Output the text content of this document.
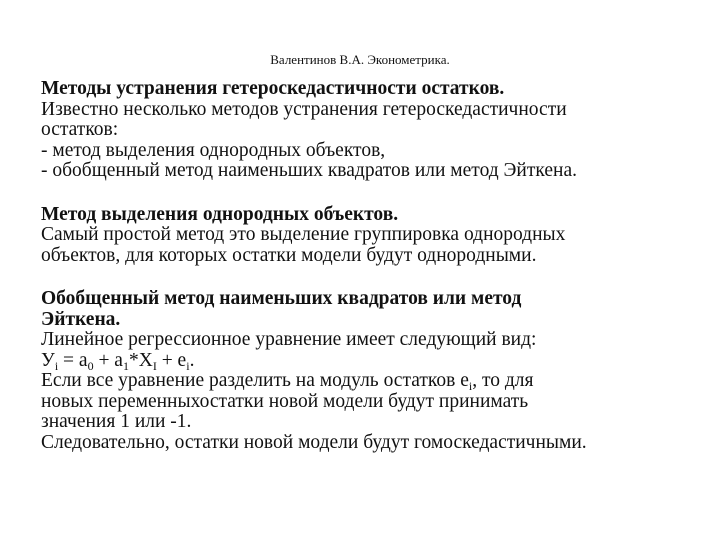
Валентинов В.А. Эконометрика.
Методы устранения гетероскедастичности остатков.
Известно несколько методов устранения гетероскедастичности
остатков:
- метод выделения однородных объектов,
- обобщенный метод наименьших квадратов или метод Эйткена.
Метод выделения однородных объектов.
Самый простой метод это выделение группировка однородных
объектов, для которых остатки модели будут однородными.
Обобщенный метод наименьших квадратов или метод
Эйткена.
Линейное регрессионное уравнение имеет следующий вид:
$У_i = а_0 + а_1*Х_I + е_i$.
Если все уравнение разделить на модуль остатков $е_i$, то для
новых переменныхостатки новой модели будут принимать
значения 1 или -1.
Следовательно, остатки новой модели будут гомоскедастичными.
